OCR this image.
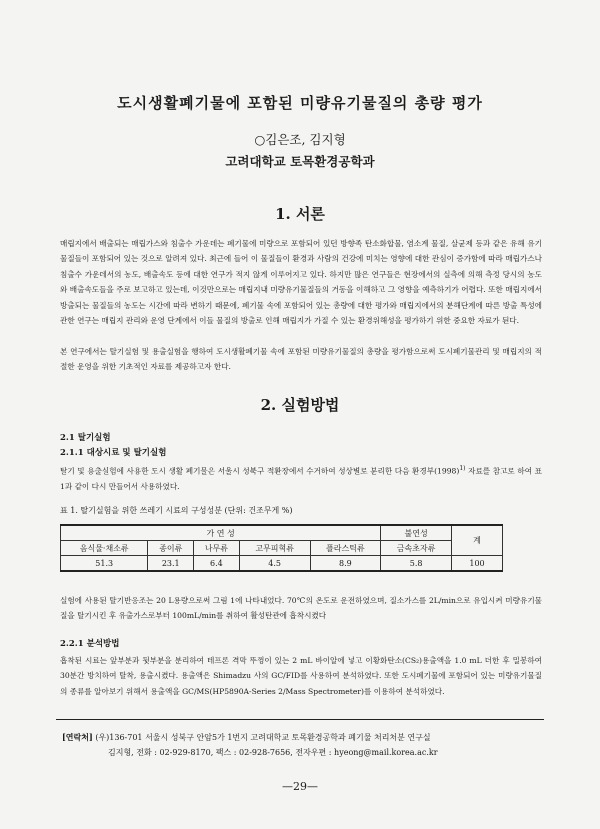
도시생활폐기물에 포함된 미량유기물질의 총량 평가
○김은조, 김지형
고려대학교 토목환경공학과
1. 서론

매립지에서 배출되는 매립가스와 침출수 가운데는 폐기물에 미량으로 포함되어 있던 방향족 탄소화합물, 염소계 물질, 살균제 등과 같은 유해 유기물질들이 포함되어 있는 것으로 알려져 있다. 최근에 들어 이 물질들이 환경과 사람의 건강에 미치는 영향에 대한 관심이 증가함에 따라 매립가스나 침출수 가운데서의 농도, 배출속도 등에 대한 연구가 적지 않게 이루어지고 있다. 하지만 많은 연구들은 현장에서의 실측에 의해 측정 당시의 농도와 배출속도들을 주로 보고하고 있는데, 이것만으로는 매립지내 미량유기물질들의 거동을 이해하고 그 영향을 예측하기가 어렵다. 또한 매립지에서 방출되는 물질들의 농도는 시간에 따라 변하기 때문에, 폐기물 속에 포함되어 있는 총량에 대한 평가와 매립지에서의 분해단계에 따른 방출 특성에 관한 연구는 매립지 관리와 운영 단계에서 이들 물질의 방출로 인해 매립지가 가질 수 있는 환경위해성을 평가하기 위한 중요한 자료가 된다.

본 연구에서는 탈기실험 및 용출실험을 행하여 도시생활폐기물 속에 포함된 미량유기물질의 총량을 평가함으로써 도시폐기물관리 및 매립지의 적절한 운영을 위한 기초적인 자료를 제공하고자 한다.

2. 실험방법

2.1 탈기실험

2.1.1 대상시료 및 탈기실험

탈기 및 용출실험에 사용한 도시 생활 폐기물은 서울시 성북구 적환장에서 수거하여 성상별로 분리한 다음 환경부$(1998)^{1)}$ 자료를 참고로 하여 표 1과 같이 다시 만들어서 사용하였다.

표 1. 탈기실험을 위한 쓰레기 시료의 구성성분 (단위: 건조무게 %)
가 연 성					불연성	계
음식물·채소류	종이류	나무류	고무피혁류	플라스틱류	금속초자류	
51.3	23.1	6.4	4.5	8.9	5.8	100

실험에 사용된 탈기반응조는 20 L용량으로써 그림 1에 나타내었다. 70℃의 온도로 운전하였으며, 질소가스를 2L/min으로 유입시켜 미량유기물질을 탈기시킨 후 유출가스로부터 100mL/min를 취하여 활성탄관에 흡착시켰다

2.2.1 분석방법

흡착된 시료는 앞부분과 뒷부분을 분리하여 테프론 격막 뚜껑이 있는 2 mL 바이알에 넣고 이황화탄소(CS₂)용출액을 1.0 mL 더한 후 밀봉하여 30분간 방치하여 탈착, 용출시켰다. 용출액은 Shimadzu 사의 GC/FID를 사용하여 분석하였다. 또한 도시폐기물에 포함되어 있는 미량유기물질의 종류를 알아보기 위해서 용출액을 GC/MS(HP5890A-Series 2/Mass Spectrometer)를 이용하여 분석하였다.

[연락처] (우)136-701 서울시 성북구 안암5가 1번지 고려대학교 토목환경공학과 폐기물 처리처분 연구실
김지형, 전화 : 02-929-8170, 팩스 : 02-928-7656, 전자우편 : hyeong@mail.korea.ac.kr
—29—
